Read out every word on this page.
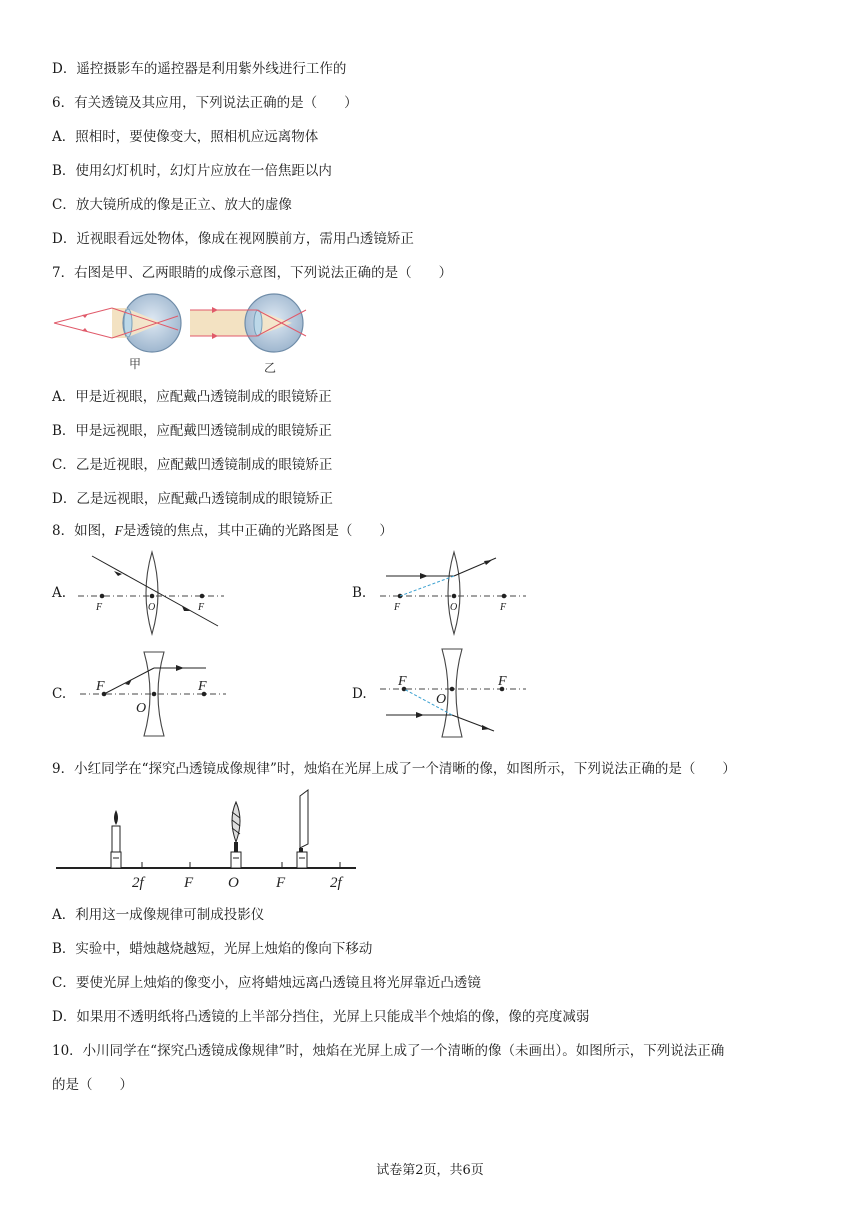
D．遥控摄影车的遥控器是利用紫外线进行工作的
6．有关透镜及其应用，下列说法正确的是（　　）
A．照相时，要使像变大，照相机应远离物体
B．使用幻灯机时，幻灯片应放在一倍焦距以内
C．放大镜所成的像是正立、放大的虚像
D．近视眼看远处物体，像成在视网膜前方，需用凸透镜矫正
7．右图是甲、乙两眼睛的成像示意图，下列说法正确的是（　　）
甲	乙
A．甲是近视眼，应配戴凸透镜制成的眼镜矫正
B．甲是远视眼，应配戴凹透镜制成的眼镜矫正
C．乙是近视眼，应配戴凹透镜制成的眼镜矫正
D．乙是远视眼，应配戴凸透镜制成的眼镜矫正
8．如图，F是透镜的焦点，其中正确的光路图是（　　）
A.
F	O	F
B.
F	O	F
C. F
O
F	D.
F
O
F
9．小红同学在“探究凸透镜成像规律”时，烛焰在光屏上成了一个清晰的像，如图所示，下列说法正确的是（　　）
2f	F O F	2f
A．利用这一成像规律可制成投影仪
B．实验中，蜡烛越烧越短，光屏上烛焰的像向下移动
C．要使光屏上烛焰的像变小，应将蜡烛远离凸透镜且将光屏靠近凸透镜
D．如果用不透明纸将凸透镜的上半部分挡住，光屏上只能成半个烛焰的像，像的亮度减弱
10．小川同学在“探究凸透镜成像规律”时，烛焰在光屏上成了一个清晰的像（未画出）。如图所示，下列说法正确
的是（　　）
试卷第2页，共6页
